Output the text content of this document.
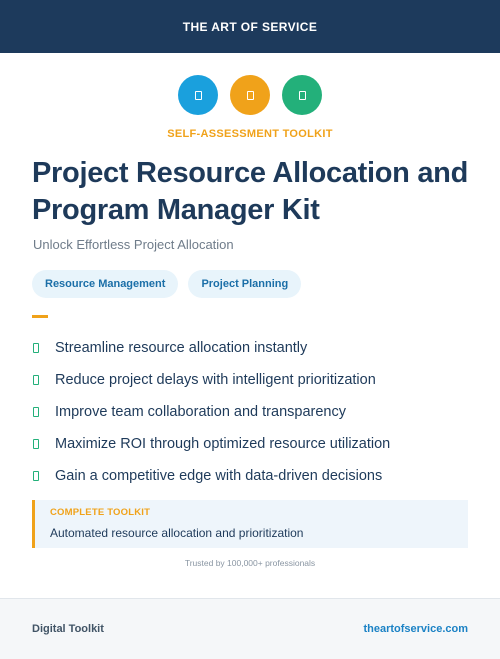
THE ART OF SERVICE
SELF-ASSESSMENT TOOLKIT
Project Resource Allocation and Program Manager Kit
Unlock Effortless Project Allocation
Resource Management	Project Planning
Streamline resource allocation instantly
Reduce project delays with intelligent prioritization
Improve team collaboration and transparency
Maximize ROI through optimized resource utilization
Gain a competitive edge with data-driven decisions
COMPLETE TOOLKIT
Automated resource allocation and prioritization
Trusted by 100,000+ professionals
Digital Toolkit	theartofservice.com
